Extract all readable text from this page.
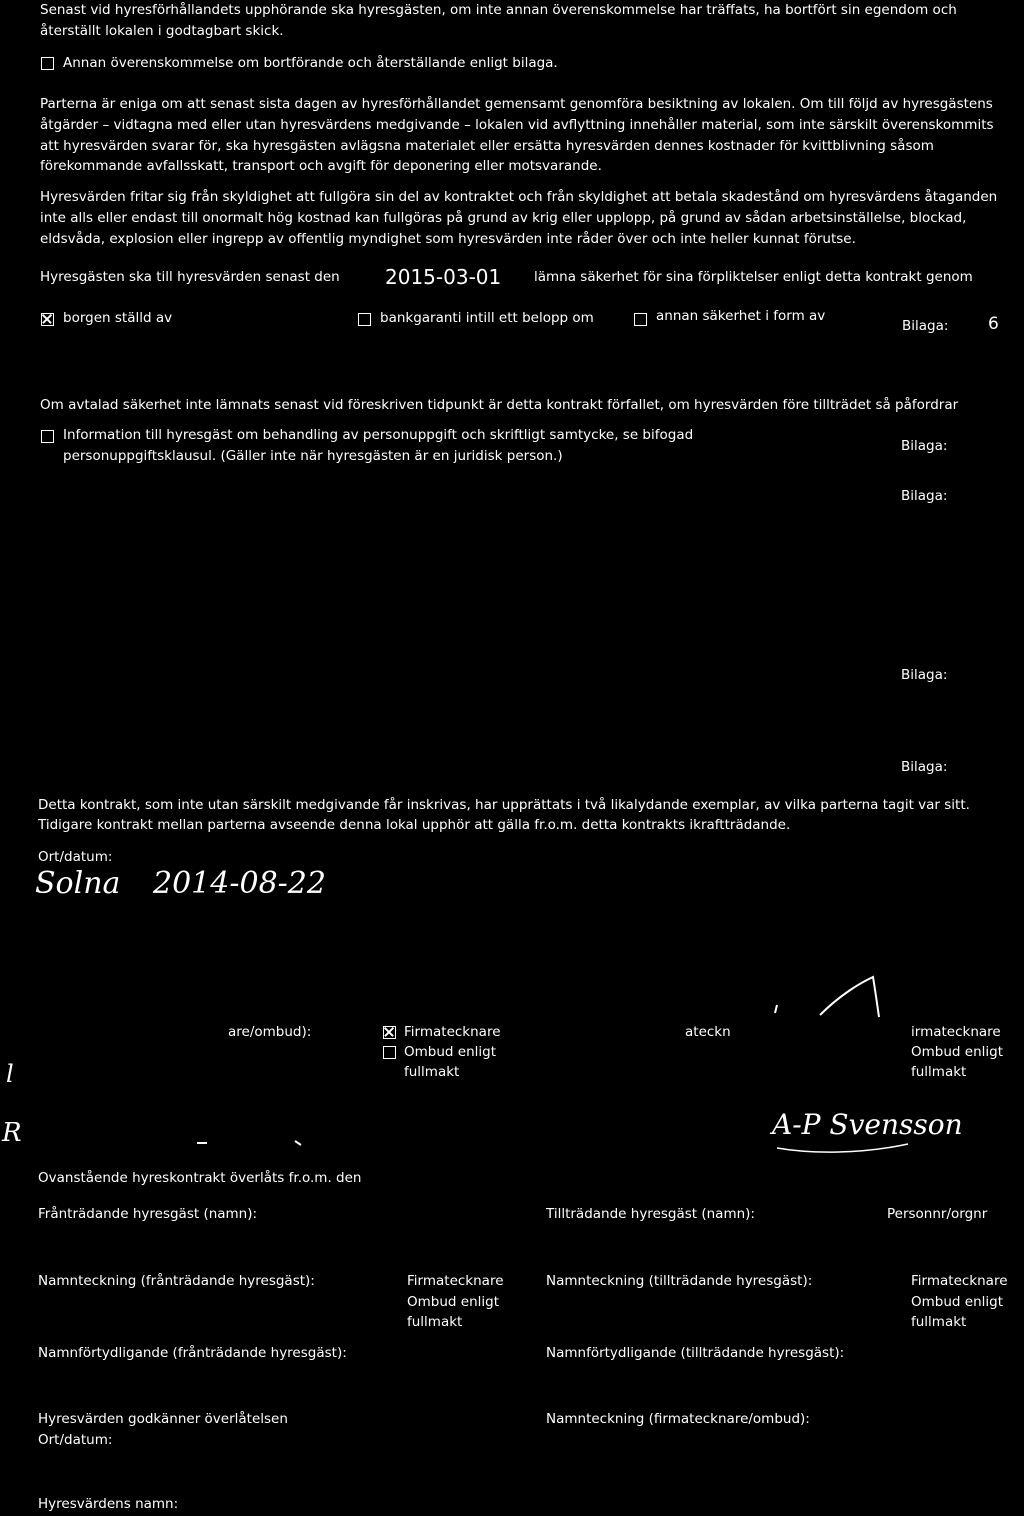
Senast vid hyresförhållandets upphörande ska hyresgästen, om inte annan överenskommelse har träffats, ha bortfört sin egendom och
återställt lokalen i godtagbart skick.
Annan överenskommelse om bortförande och återställande enligt bilaga.
Parterna är eniga om att senast sista dagen av hyresförhållandet gemensamt genomföra besiktning av lokalen. Om till följd av hyresgästens
åtgärder – vidtagna med eller utan hyresvärdens medgivande – lokalen vid avflyttning innehåller material, som inte särskilt överenskommits
att hyresvärden svarar för, ska hyresgästen avlägsna materialet eller ersätta hyresvärden dennes kostnader för kvittblivning såsom
förekommande avfallsskatt, transport och avgift för deponering eller motsvarande.
Hyresvärden fritar sig från skyldighet att fullgöra sin del av kontraktet och från skyldighet att betala skadestånd om hyresvärdens åtaganden
inte alls eller endast till onormalt hög kostnad kan fullgöras på grund av krig eller upplopp, på grund av sådan arbetsinställelse, blockad,
eldsvåda, explosion eller ingrepp av offentlig myndighet som hyresvärden inte råder över och inte heller kunnat förutse.
Hyresgästen ska till hyresvärden senast den 2015-03-01 lämna säkerhet för sina förpliktelser enligt detta kontrakt genom
borgen ställd av	bankgaranti intill ett belopp om	annan säkerhet i form av
Bilaga: 6
Om avtalad säkerhet inte lämnats senast vid föreskriven tidpunkt är detta kontrakt förfallet, om hyresvärden före tillträdet så påfordrar
Information till hyresgäst om behandling av personuppgift och skriftligt samtycke, se bifogad
personuppgiftsklausul. (Gäller inte när hyresgästen är en juridisk person.)
Bilaga:
Bilaga:
Bilaga:
Bilaga:
Detta kontrakt, som inte utan särskilt medgivande får inskrivas, har upprättats i två likalydande exemplar, av vilka parterna tagit var sitt.
Tidigare kontrakt mellan parterna avseende denna lokal upphör att gälla fr.o.m. detta kontrakts ikraftträdande.
Ort/datum:
Solna 2014-08-22
l
R
are/ombud):	Firmatecknare
Ombud enligt
fullmakt
ateckn	irmatecknare
Ombud enligt
fullmakt
A-P Svensson
Ovanstående hyreskontrakt överlåts fr.o.m. den
Frånträdande hyresgäst (namn):	Tillträdande hyresgäst (namn):	Personnr/orgnr
Namnteckning (frånträdande hyresgäst):	Firmatecknare
Ombud enligt
fullmakt
Namnteckning (tillträdande hyresgäst):	Firmatecknare
Ombud enligt
fullmakt
Namnförtydligande (frånträdande hyresgäst):	Namnförtydligande (tillträdande hyresgäst):
Hyresvärden godkänner överlåtelsen
Ort/datum:
Namnteckning (firmatecknare/ombud):
Hyresvärdens namn:
